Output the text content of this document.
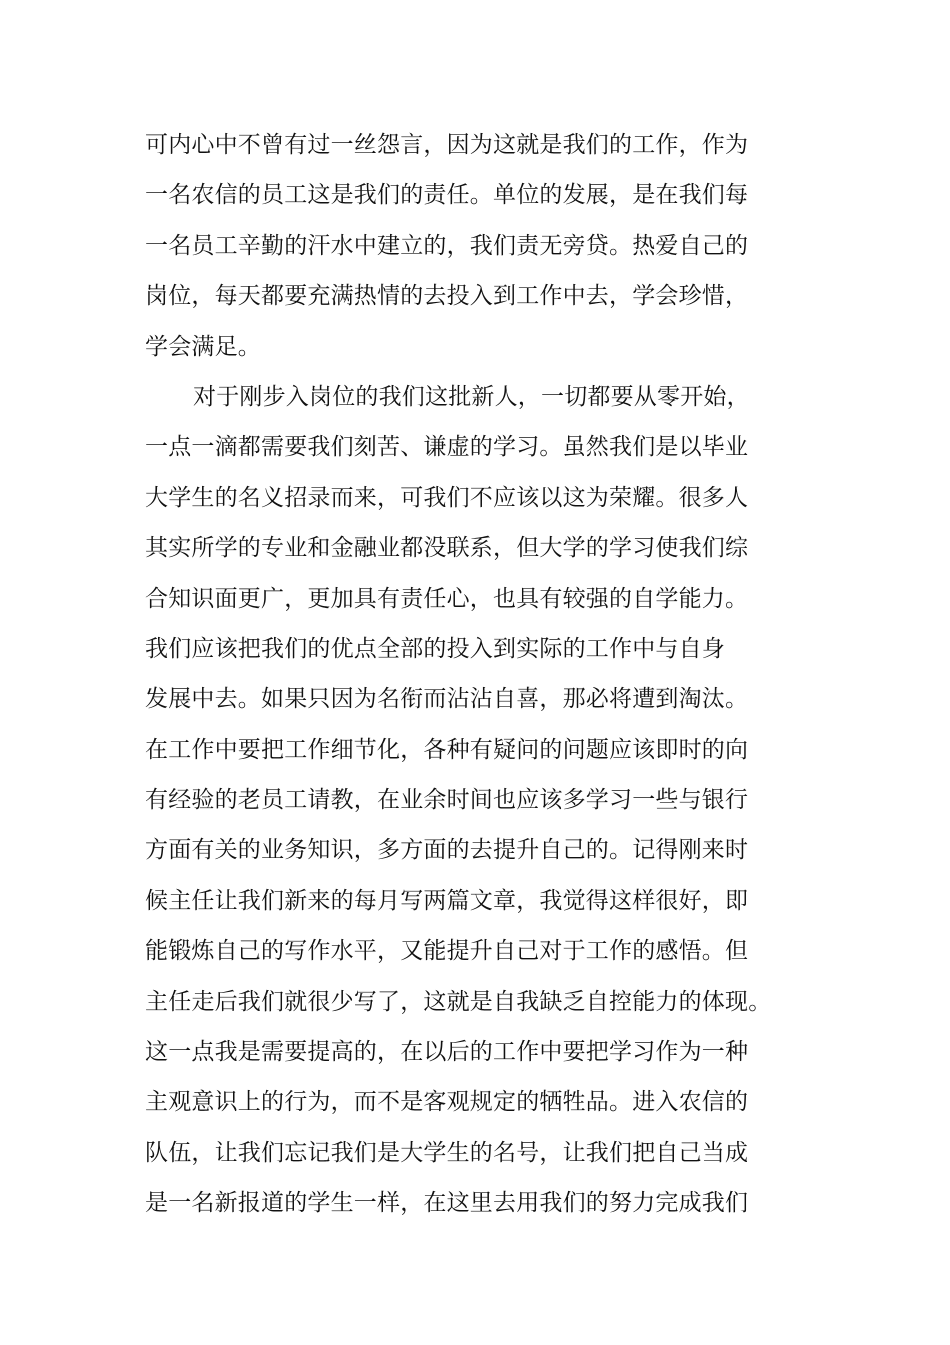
可内心中不曾有过一丝怨言，因为这就是我们的工作，作为
一名农信的员工这是我们的责任。单位的发展，是在我们每
一名员工辛勤的汗水中建立的，我们责无旁贷。热爱自己的
岗位，每天都要充满热情的去投入到工作中去，学会珍惜，
学会满足。
对于刚步入岗位的我们这批新人，一切都要从零开始，
一点一滴都需要我们刻苦、谦虚的学习。虽然我们是以毕业
大学生的名义招录而来，可我们不应该以这为荣耀。很多人
其实所学的专业和金融业都没联系，但大学的学习使我们综
合知识面更广，更加具有责任心，也具有较强的自学能力。
我们应该把我们的优点全部的投入到实际的工作中与自身
发展中去。如果只因为名衔而沾沾自喜，那必将遭到淘汰。
在工作中要把工作细节化，各种有疑问的问题应该即时的向
有经验的老员工请教，在业余时间也应该多学习一些与银行
方面有关的业务知识，多方面的去提升自己的。记得刚来时
候主任让我们新来的每月写两篇文章，我觉得这样很好，即
能锻炼自己的写作水平，又能提升自己对于工作的感悟。但
主任走后我们就很少写了，这就是自我缺乏自控能力的体现。
这一点我是需要提高的，在以后的工作中要把学习作为一种
主观意识上的行为，而不是客观规定的牺牲品。进入农信的
队伍，让我们忘记我们是大学生的名号，让我们把自己当成
是一名新报道的学生一样，在这里去用我们的努力完成我们
